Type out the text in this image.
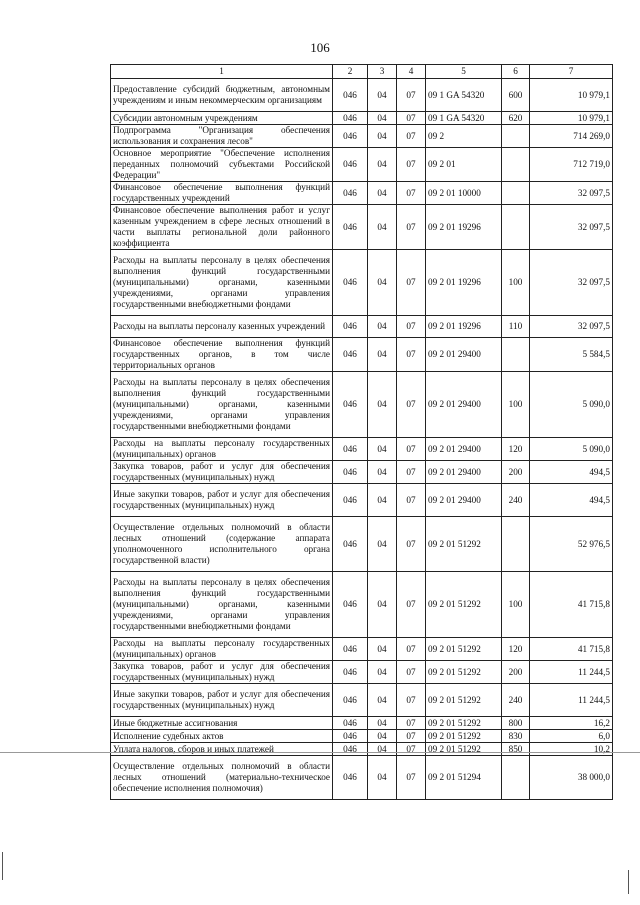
106
1	2	3	4	5	6	7
Предоставление субсидий бюджетным, автономным учреждениям и иным некоммерческим организациям	046	04	07	09 1 GA 54320	600	10 979,1
Субсидии автономным учреждениям	046	04	07	09 1 GA 54320	620	10 979,1
Подпрограмма "Организация обеспечения использования и сохранения лесов"	046	04	07	09 2		714 269,0
Основное мероприятие "Обеспечение исполнения переданных полномочий субъектами Российской Федерации"	046	04	07	09 2 01		712 719,0
Финансовое обеспечение выполнения функций государственных учреждений	046	04	07	09 2 01 10000		32 097,5
Финансовое обеспечение выполнения работ и услуг казенным учреждением в сфере лесных отношений в части выплаты региональной доли районного коэффициента	046	04	07	09 2 01 19296		32 097,5
Расходы на выплаты персоналу в целях обеспечения выполнения функций государственными (муниципальными) органами, казенными учреждениями, органами управления государственными внебюджетными фондами	046	04	07	09 2 01 19296	100	32 097,5
Расходы на выплаты персоналу казенных учреждений	046	04	07	09 2 01 19296	110	32 097,5
Финансовое обеспечение выполнения функций государственных органов, в том числе территориальных органов	046	04	07	09 2 01 29400		5 584,5
Расходы на выплаты персоналу в целях обеспечения выполнения функций государственными (муниципальными) органами, казенными учреждениями, органами управления государственными внебюджетными фондами	046	04	07	09 2 01 29400	100	5 090,0
Расходы на выплаты персоналу государственных (муниципальных) органов	046	04	07	09 2 01 29400	120	5 090,0
Закупка товаров, работ и услуг для обеспечения государственных (муниципальных) нужд	046	04	07	09 2 01 29400	200	494,5
Иные закупки товаров, работ и услуг для обеспечения государственных (муниципальных) нужд	046	04	07	09 2 01 29400	240	494,5
Осуществление отдельных полномочий в области лесных отношений (содержание аппарата уполномоченного исполнительного органа государственной власти)	046	04	07	09 2 01 51292		52 976,5
Расходы на выплаты персоналу в целях обеспечения выполнения функций государственными (муниципальными) органами, казенными учреждениями, органами управления государственными внебюджетными фондами	046	04	07	09 2 01 51292	100	41 715,8
Расходы на выплаты персоналу государственных (муниципальных) органов	046	04	07	09 2 01 51292	120	41 715,8
Закупка товаров, работ и услуг для обеспечения государственных (муниципальных) нужд	046	04	07	09 2 01 51292	200	11 244,5
Иные закупки товаров, работ и услуг для обеспечения государственных (муниципальных) нужд	046	04	07	09 2 01 51292	240	11 244,5
Иные бюджетные ассигнования	046	04	07	09 2 01 51292	800	16,2
Исполнение судебных актов	046	04	07	09 2 01 51292	830	6,0
Уплата налогов, сборов и иных платежей	046	04	07	09 2 01 51292	850	10,2
Осуществление отдельных полномочий в области лесных отношений (материально-техническое обеспечение исполнения полномочия)	046	04	07	09 2 01 51294		38 000,0
